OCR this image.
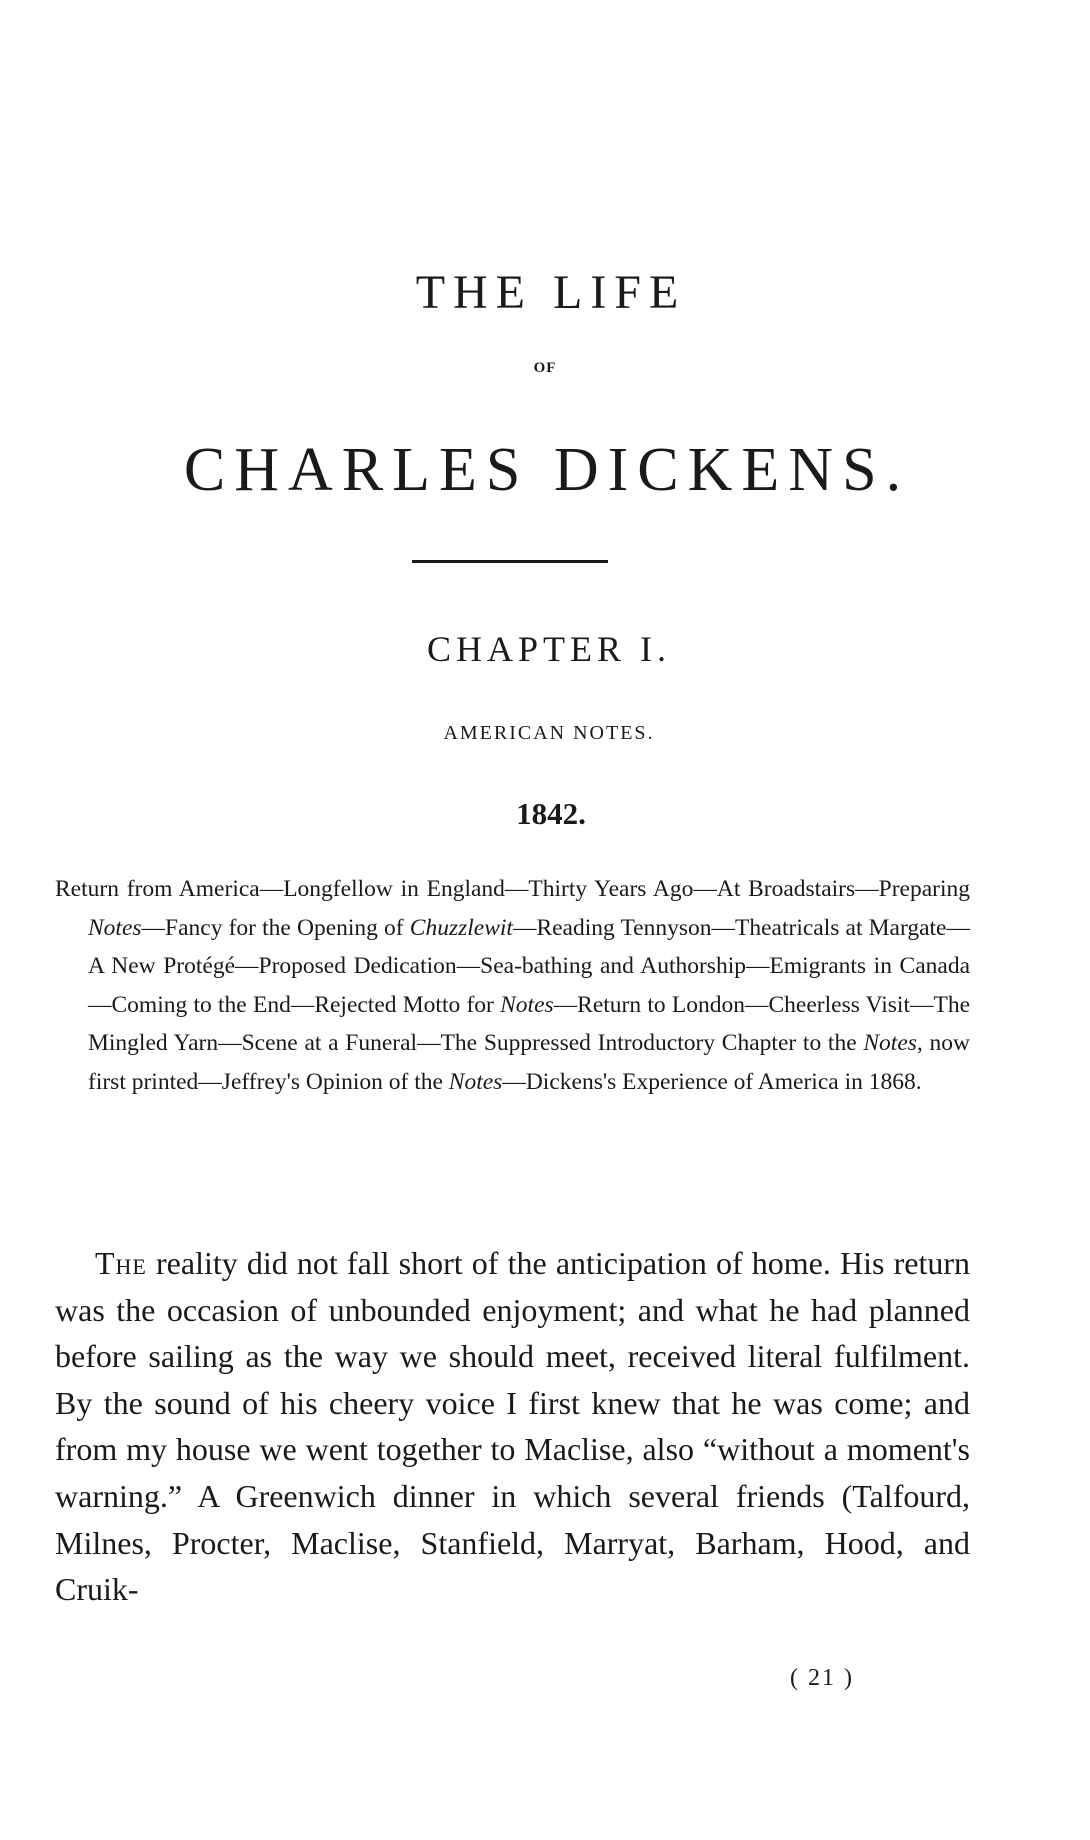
THE LIFE
OF
CHARLES DICKENS.
CHAPTER I.
AMERICAN NOTES.
1842.
Return from America—Longfellow in England—Thirty Years Ago—At Broadstairs—Preparing Notes—Fancy for the Opening of Chuzzlewit—Reading Tennyson—Theatricals at Margate—A New Protégé—Proposed Dedication—Sea-bathing and Authorship—Emigrants in Canada—Coming to the End—Rejected Motto for Notes—Return to London—Cheerless Visit—The Mingled Yarn—Scene at a Funeral—The Suppressed Introductory Chapter to the Notes, now first printed—Jeffrey's Opinion of the Notes—Dickens's Experience of America in 1868.
The reality did not fall short of the anticipation of home. His return was the occasion of unbounded enjoyment; and what he had planned before sailing as the way we should meet, received literal fulfilment. By the sound of his cheery voice I first knew that he was come; and from my house we went together to Maclise, also “without a moment's warning.” A Greenwich dinner in which several friends (Talfourd, Milnes, Procter, Maclise, Stanfield, Marryat, Barham, Hood, and Cruik-
( 21 )
